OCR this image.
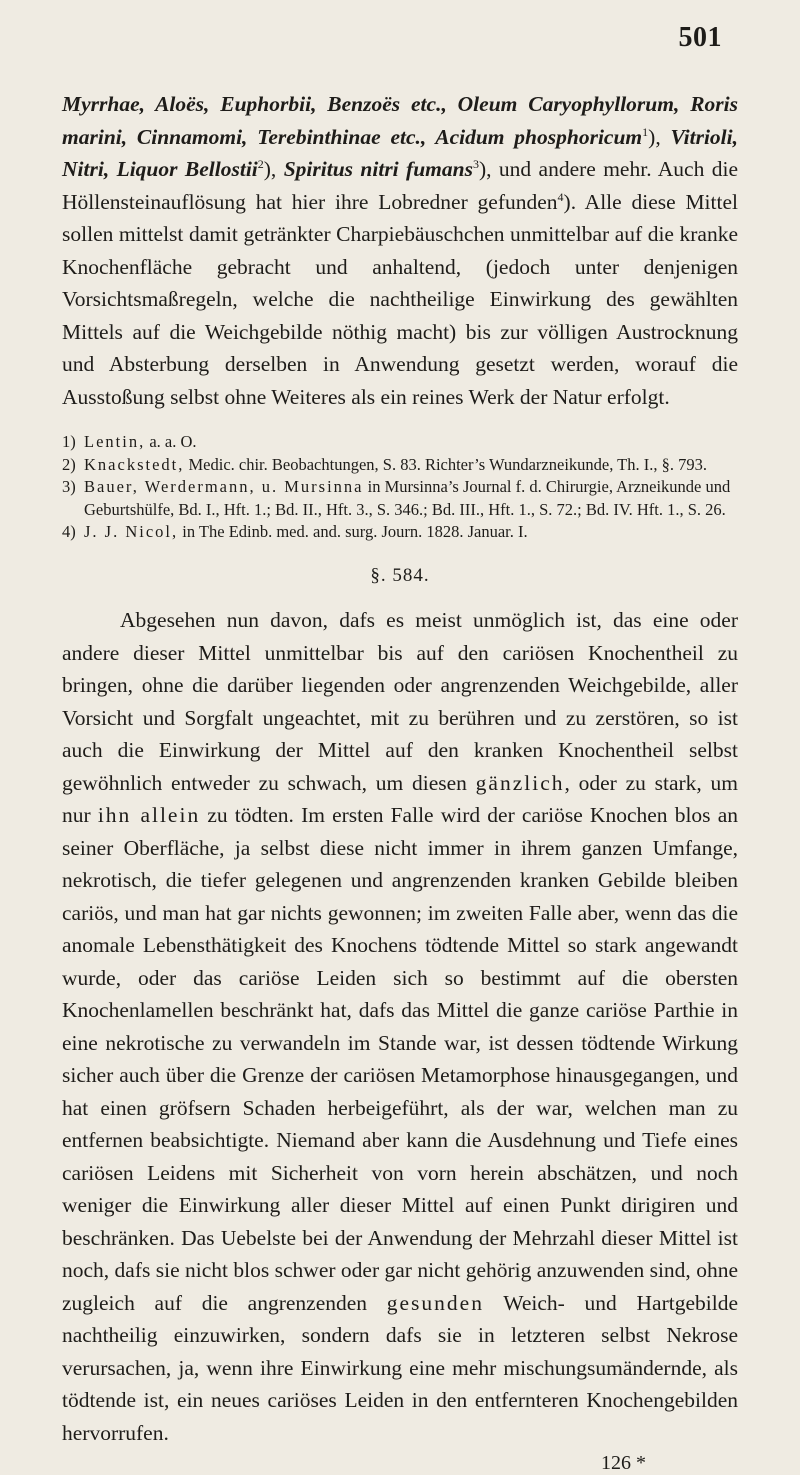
501

Myrrhae, Aloës, Euphorbii, Benzoës etc., Oleum Caryophyllorum, Roris marini, Cinnamomi, Terebinthinae etc., Acidum phosphoricum$^1$), Vitrioli, Nitri, Liquor Bellostii$^2$), Spiritus nitri fumans$^3$), und andere mehr. Auch die Höllensteinauflösung hat hier ihre Lobredner gefunden$^4$). Alle diese Mittel sollen mittelst damit getränkter Charpiebäuschchen unmittelbar auf die kranke Knochenfläche gebracht und anhaltend, (jedoch unter denjenigen Vorsichtsmaßregeln, welche die nachtheilige Einwirkung des gewählten Mittels auf die Weichgebilde nöthig macht) bis zur völligen Austrocknung und Absterbung derselben in Anwendung gesetzt werden, worauf die Ausstoßung selbst ohne Weiteres als ein reines Werk der Natur erfolgt.

1) Lentin, a. a. O.
2) Knackstedt, Medic. chir. Beobachtungen, S. 83. Richter’s Wundarzneikunde, Th. I., §. 793.
3) Bauer, Werdermann, u. Mursinna in Mursinna’s Journal f. d. Chirurgie, Arzneikunde und Geburtshülfe, Bd. I., Hft. 1.; Bd. II., Hft. 3., S. 346.; Bd. III., Hft. 1., S. 72.; Bd. IV. Hft. 1., S. 26.
4) J. J. Nicol, in The Edinb. med. and. surg. Journ. 1828. Januar. I.
§. 584.

Abgesehen nun davon, dafs es meist unmöglich ist, das eine oder andere dieser Mittel unmittelbar bis auf den cariösen Knochentheil zu bringen, ohne die darüber liegenden oder angrenzenden Weichgebilde, aller Vorsicht und Sorgfalt ungeachtet, mit zu berühren und zu zerstören, so ist auch die Einwirkung der Mittel auf den kranken Knochentheil selbst gewöhnlich entweder zu schwach, um diesen gänzlich, oder zu stark, um nur ihn allein zu tödten. Im ersten Falle wird der cariöse Knochen blos an seiner Oberfläche, ja selbst diese nicht immer in ihrem ganzen Umfange, nekrotisch, die tiefer gelegenen und angrenzenden kranken Gebilde bleiben cariös, und man hat gar nichts gewonnen; im zweiten Falle aber, wenn das die anomale Lebensthätigkeit des Knochens tödtende Mittel so stark angewandt wurde, oder das cariöse Leiden sich so bestimmt auf die obersten Knochenlamellen beschränkt hat, dafs das Mittel die ganze cariöse Parthie in eine nekrotische zu verwandeln im Stande war, ist dessen tödtende Wirkung sicher auch über die Grenze der cariösen Metamorphose hinausgegangen, und hat einen gröfsern Schaden herbeigeführt, als der war, welchen man zu entfernen beabsichtigte. Niemand aber kann die Ausdehnung und Tiefe eines cariösen Leidens mit Sicherheit von vorn herein abschätzen, und noch weniger die Einwirkung aller dieser Mittel auf einen Punkt dirigiren und beschränken. Das Uebelste bei der Anwendung der Mehrzahl dieser Mittel ist noch, dafs sie nicht blos schwer oder gar nicht gehörig anzuwenden sind, ohne zugleich auf die angrenzenden gesunden Weich- und Hartgebilde nachtheilig einzuwirken, sondern dafs sie in letzteren selbst Nekrose verursachen, ja, wenn ihre Einwirkung eine mehr mischungsumändernde, als tödtende ist, ein neues cariöses Leiden in den entfernteren Knochengebilden hervorrufen.

126 *
